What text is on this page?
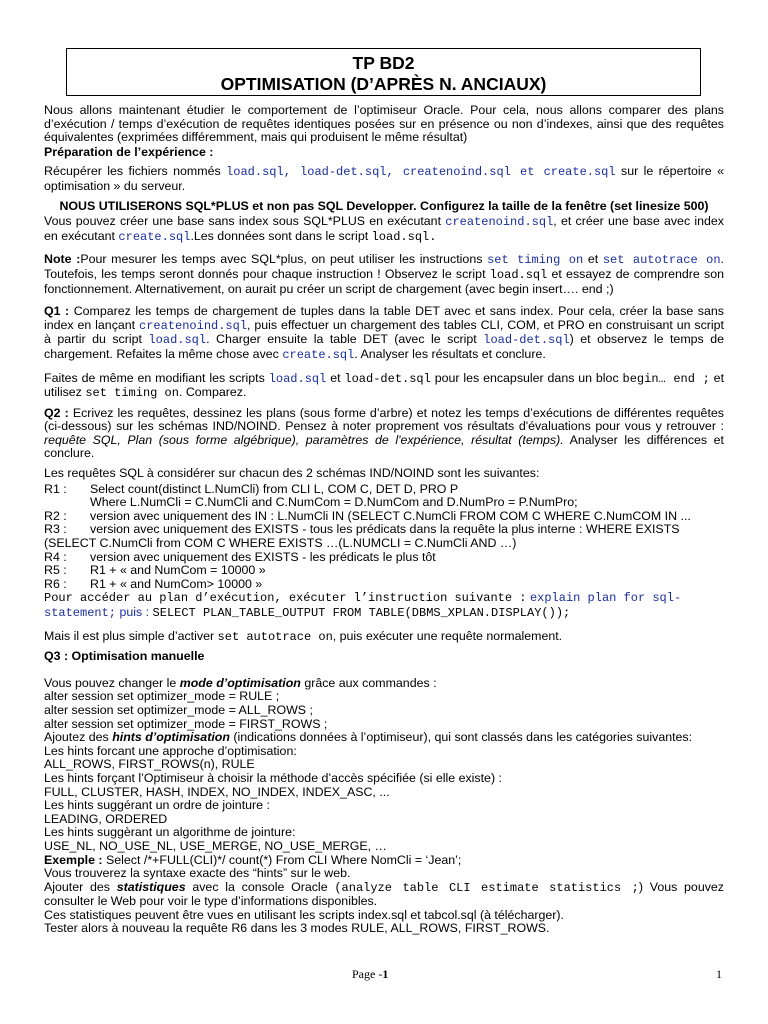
TP BD2
OPTIMISATION (D’APRÈS N. ANCIAUX)

Nous allons maintenant étudier le comportement de l’optimiseur Oracle. Pour cela, nous allons comparer des plans d’exécution / temps d’exécution de requêtes identiques posées sur en présence ou non d’indexes, ainsi que des requêtes équivalentes (exprimées différemment, mais qui produisent le même résultat)

Préparation de l’expérience :

Récupérer les fichiers nommés load.sql, load-det.sql, createnoind.sql et create.sql sur le répertoire « optimisation » du serveur.

NOUS UTILISERONS SQL*PLUS et non pas SQL Developper. Configurez la taille de la fenêtre (set linesize 500)

Vous pouvez créer une base sans index sous SQL*PLUS en exécutant createnoind.sql, et créer une base avec index en exécutant create.sql.Les données sont dans le script load.sql.

Note :Pour mesurer les temps avec SQL*plus, on peut utiliser les instructions set timing on et set autotrace on. Toutefois, les temps seront donnés pour chaque instruction ! Observez le script load.sql et essayez de comprendre son fonctionnement. Alternativement, on aurait pu créer un script de chargement (avec begin insert…. end ;)

Q1 : Comparez les temps de chargement de tuples dans la table DET avec et sans index. Pour cela, créer la base sans index en lançant createnoind.sql, puis effectuer un chargement des tables CLI, COM, et PRO en construisant un script à partir du script load.sql. Charger ensuite la table DET (avec le script load-det.sql) et observez le temps de chargement. Refaites la même chose avec create.sql. Analyser les résultats et conclure.

Faites de même en modifiant les scripts load.sql et load-det.sql pour les encapsuler dans un bloc begin… end ; et utilisez set timing on. Comparez.

Q2 : Ecrivez les requêtes, dessinez les plans (sous forme d’arbre) et notez les temps d’exécutions de différentes requêtes (ci-dessous) sur les schémas IND/NOIND. Pensez à noter proprement vos résultats d'évaluations pour vous y retrouver : requête SQL, Plan (sous forme algébrique), paramètres de l'expérience, résultat (temps). Analyser les différences et conclure.

Les requêtes SQL à considérer sur chacun des 2 schémas IND/NOIND sont les suivantes:

R1 :	Select count(distinct L.NumCli) from CLI L, COM C, DET D, PRO P
Where L.NumCli = C.NumCli and C.NumCom = D.NumCom and D.NumPro = P.NumPro;
R2 :	version avec uniquement des IN : L.NumCli IN (SELECT C.NumCli FROM COM C WHERE C.NumCOM IN ...
R3 :	version avec uniquement des EXISTS - tous les prédicats dans la requête la plus interne : WHERE EXISTS
(SELECT C.NumCli from COM C WHERE EXISTS …(L.NUMCLI = C.NumCli AND …)
R4 :	version avec uniquement des EXISTS - les prédicats le plus tôt
R5 :	R1 + « and NumCom = 10000 »
R6 :	R1 + « and NumCom> 10000 »

Pour accéder au plan d’exécution, exécuter l’instruction suivante : explain plan for sql-statement; puis : SELECT PLAN_TABLE_OUTPUT FROM TABLE(DBMS_XPLAN.DISPLAY());

Mais il est plus simple d’activer set autotrace on, puis exécuter une requête normalement.

Q3 : Optimisation manuelle

Vous pouvez changer le mode d’optimisation grâce aux commandes :

alter session set optimizer_mode = RULE ;

alter session set optimizer_mode = ALL_ROWS ;

alter session set optimizer_mode = FIRST_ROWS ;

Ajoutez des hints d’optimisation (indications données à l’optimiseur), qui sont classés dans les catégories suivantes:

Les hints forcant une approche d’optimisation:

ALL_ROWS, FIRST_ROWS(n), RULE

Les hints forçant l’Optimiseur à choisir la méthode d’accès spécifiée (si elle existe) :

FULL, CLUSTER, HASH, INDEX, NO_INDEX, INDEX_ASC, ...

Les hints suggérant un ordre de jointure :

LEADING, ORDERED

Les hints suggèrant un algorithme de jointure:

USE_NL, NO_USE_NL, USE_MERGE, NO_USE_MERGE, …

Exemple : Select /*+FULL(CLI)*/ count(*) From CLI Where NomCli = ‘Jean’;

Vous trouverez la syntaxe exacte des “hints” sur le web.

Ajouter des statistiques avec la console Oracle (analyze table CLI estimate statistics ;) Vous pouvez consulter le Web pour voir le type d’informations disponibles.

Ces statistiques peuvent être vues en utilisant les scripts index.sql et tabcol.sql (à télécharger).

Tester alors à nouveau la requête R6 dans les 3 modes RULE, ALL_ROWS, FIRST_ROWS.

Page -1	1
